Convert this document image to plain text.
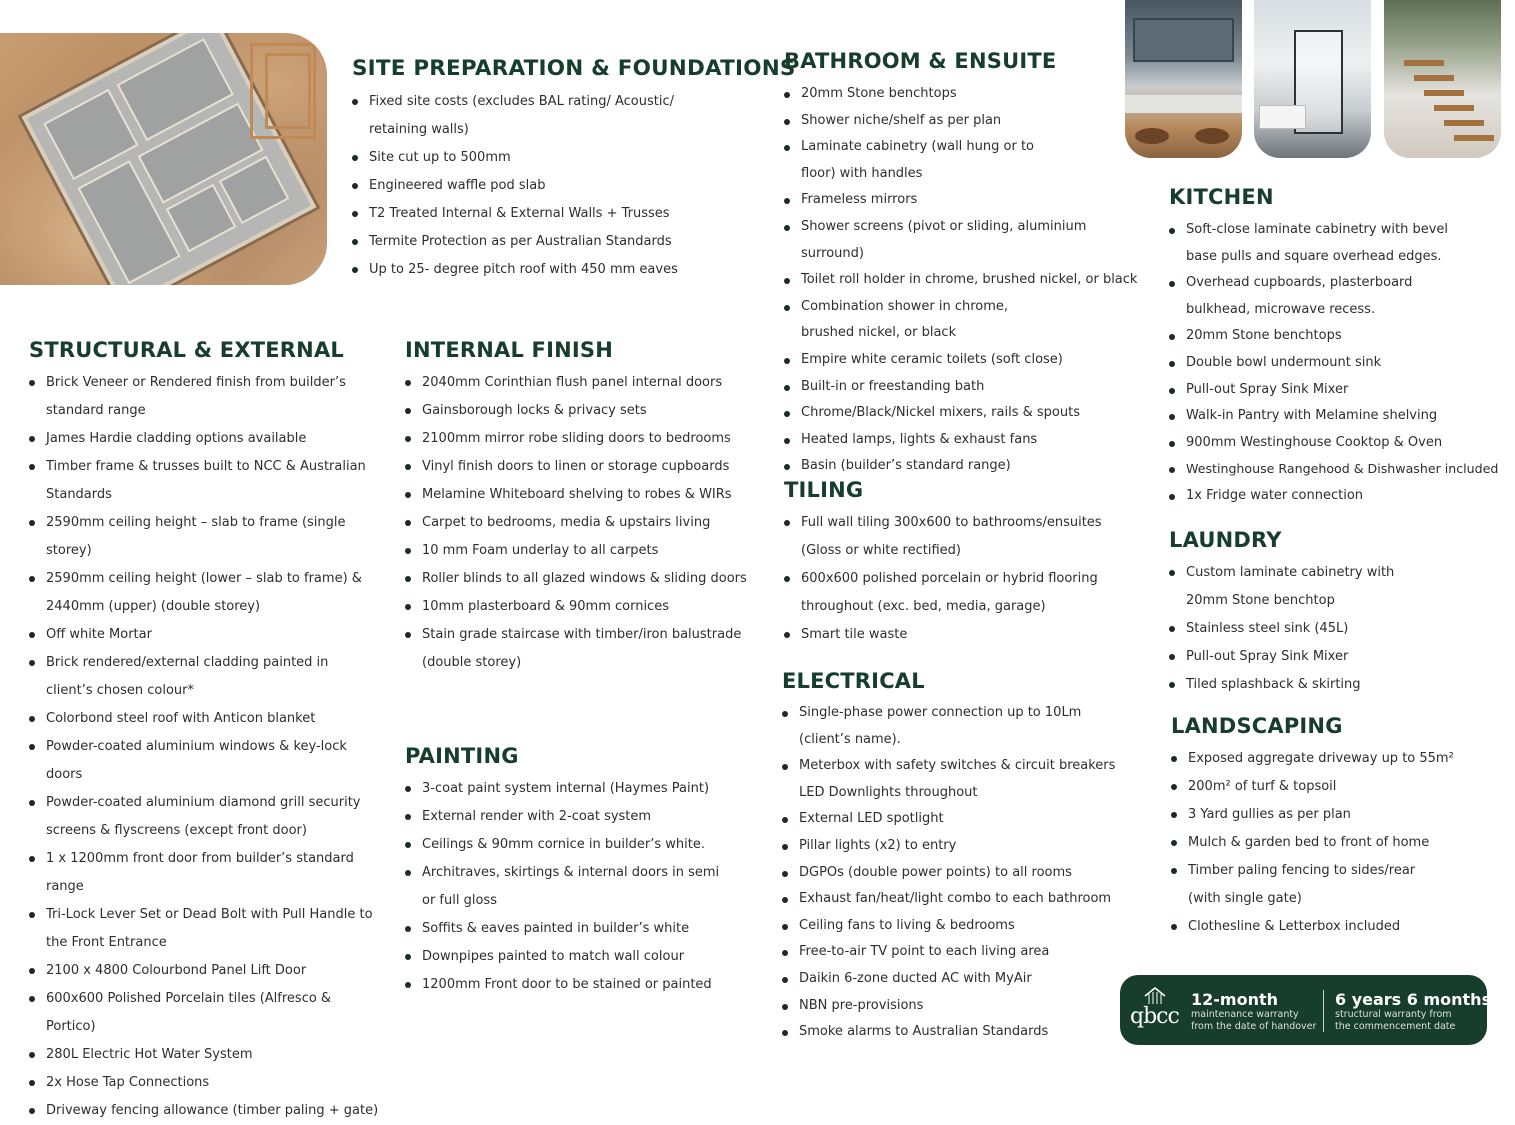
SITE PREPARATION & FOUNDATIONS
Fixed site costs (excludes BAL rating/ Acoustic/ retaining walls)
Site cut up to 500mm
Engineered waffle pod slab
T2 Treated Internal & External Walls + Trusses
Termite Protection as per Australian Standards
Up to 25- degree pitch roof with 450 mm eaves
STRUCTURAL & EXTERNAL
Brick Veneer or Rendered finish from builder’s standard range
James Hardie cladding options available
Timber frame & trusses built to NCC & Australian Standards
2590mm ceiling height – slab to frame (single storey)
2590mm ceiling height (lower – slab to frame) & 2440mm (upper) (double storey)
Off white Mortar
Brick rendered/external cladding painted in client’s chosen colour*
Colorbond steel roof with Anticon blanket
Powder-coated aluminium windows & key-lock doors
Powder-coated aluminium diamond grill security screens & flyscreens (except front door)
1 x 1200mm front door from builder’s standard range
Tri-Lock Lever Set or Dead Bolt with Pull Handle to the Front Entrance
2100 x 4800 Colourbond Panel Lift Door
600x600 Polished Porcelain tiles (Alfresco & Portico)
280L Electric Hot Water System
2x Hose Tap Connections
Driveway fencing allowance (timber paling + gate)
INTERNAL FINISH
2040mm Corinthian flush panel internal doors
Gainsborough locks & privacy sets
2100mm mirror robe sliding doors to bedrooms
Vinyl finish doors to linen or storage cupboards
Melamine Whiteboard shelving to robes & WIRs
Carpet to bedrooms, media & upstairs living
10 mm Foam underlay to all carpets
Roller blinds to all glazed windows & sliding doors
10mm plasterboard & 90mm cornices
Stain grade staircase with timber/iron balustrade (double storey)
PAINTING
3-coat paint system internal (Haymes Paint)
External render with 2-coat system
Ceilings & 90mm cornice in builder’s white.
Architraves, skirtings & internal doors in semi or full gloss
Soffits & eaves painted in builder’s white
Downpipes painted to match wall colour
1200mm Front door to be stained or painted
BATHROOM & ENSUITE
20mm Stone benchtops
Shower niche/shelf as per plan
Laminate cabinetry (wall hung or to floor) with handles
Frameless mirrors
Shower screens (pivot or sliding, aluminium surround)
Toilet roll holder in chrome, brushed nickel, or black
Combination shower in chrome, brushed nickel, or black
Empire white ceramic toilets (soft close)
Built-in or freestanding bath
Chrome/Black/Nickel mixers, rails & spouts
Heated lamps, lights & exhaust fans
Basin (builder’s standard range)
TILING
Full wall tiling 300x600 to bathrooms/ensuites (Gloss or white rectified)
600x600 polished porcelain or hybrid flooring throughout (exc. bed, media, garage)
Smart tile waste
ELECTRICAL
Single-phase power connection up to 10Lm (client’s name).
Meterbox with safety switches & circuit breakers LED Downlights throughout
External LED spotlight
Pillar lights (x2) to entry
DGPOs (double power points) to all rooms
Exhaust fan/heat/light combo to each bathroom
Ceiling fans to living & bedrooms
Free-to-air TV point to each living area
Daikin 6-zone ducted AC with MyAir
NBN pre-provisions
Smoke alarms to Australian Standards
KITCHEN
Soft-close laminate cabinetry with bevel base pulls and square overhead edges.
Overhead cupboards, plasterboard bulkhead, microwave recess.
20mm Stone benchtops
Double bowl undermount sink
Pull-out Spray Sink Mixer
Walk-in Pantry with Melamine shelving
900mm Westinghouse Cooktop & Oven
Westinghouse Rangehood & Dishwasher included
1x Fridge water connection
LAUNDRY
Custom laminate cabinetry with 20mm Stone benchtop
Stainless steel sink (45L)
Pull-out Spray Sink Mixer
Tiled splashback & skirting
LANDSCAPING
Exposed aggregate driveway up to 55m²
200m² of turf & topsoil
3 Yard gullies as per plan
Mulch & garden bed to front of home
Timber paling fencing to sides/rear (with single gate)
Clothesline & Letterbox included
qbcc
12-month
maintenance warranty
from the date of handover
6 years 6 months
structural warranty from
the commencement date
